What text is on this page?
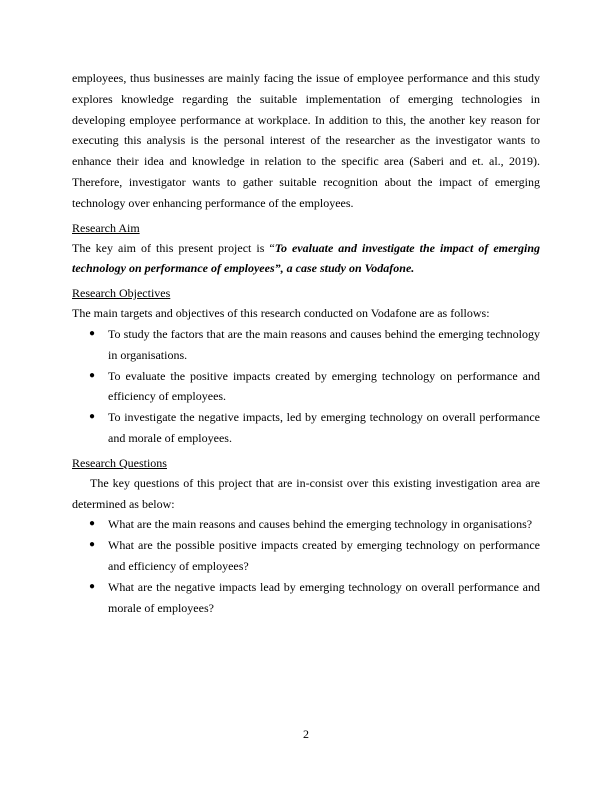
employees, thus businesses are mainly facing the issue of employee performance and this study explores knowledge regarding the suitable implementation of emerging technologies in developing employee performance at workplace. In addition to this, the another key reason for executing this analysis is the personal interest of the researcher as the investigator wants to enhance their idea and knowledge in relation to the specific area (Saberi and et. al., 2019). Therefore, investigator wants to gather suitable recognition about the impact of emerging technology over enhancing performance of the employees.

Research Aim

The key aim of this present project is “To evaluate and investigate the impact of emerging technology on performance of employees”, a case study on Vodafone.

Research Objectives

The main targets and objectives of this research conducted on Vodafone are as follows:

● To study the factors that are the main reasons and causes behind the emerging technology in organisations.
● To evaluate the positive impacts created by emerging technology on performance and efficiency of employees.
● To investigate the negative impacts, led by emerging technology on overall performance and morale of employees.

Research Questions

The key questions of this project that are in-consist over this existing investigation area are determined as below:

● What are the main reasons and causes behind the emerging technology in organisations?
● What are the possible positive impacts created by emerging technology on performance and efficiency of employees?
● What are the negative impacts lead by emerging technology on overall performance and morale of employees?
2
